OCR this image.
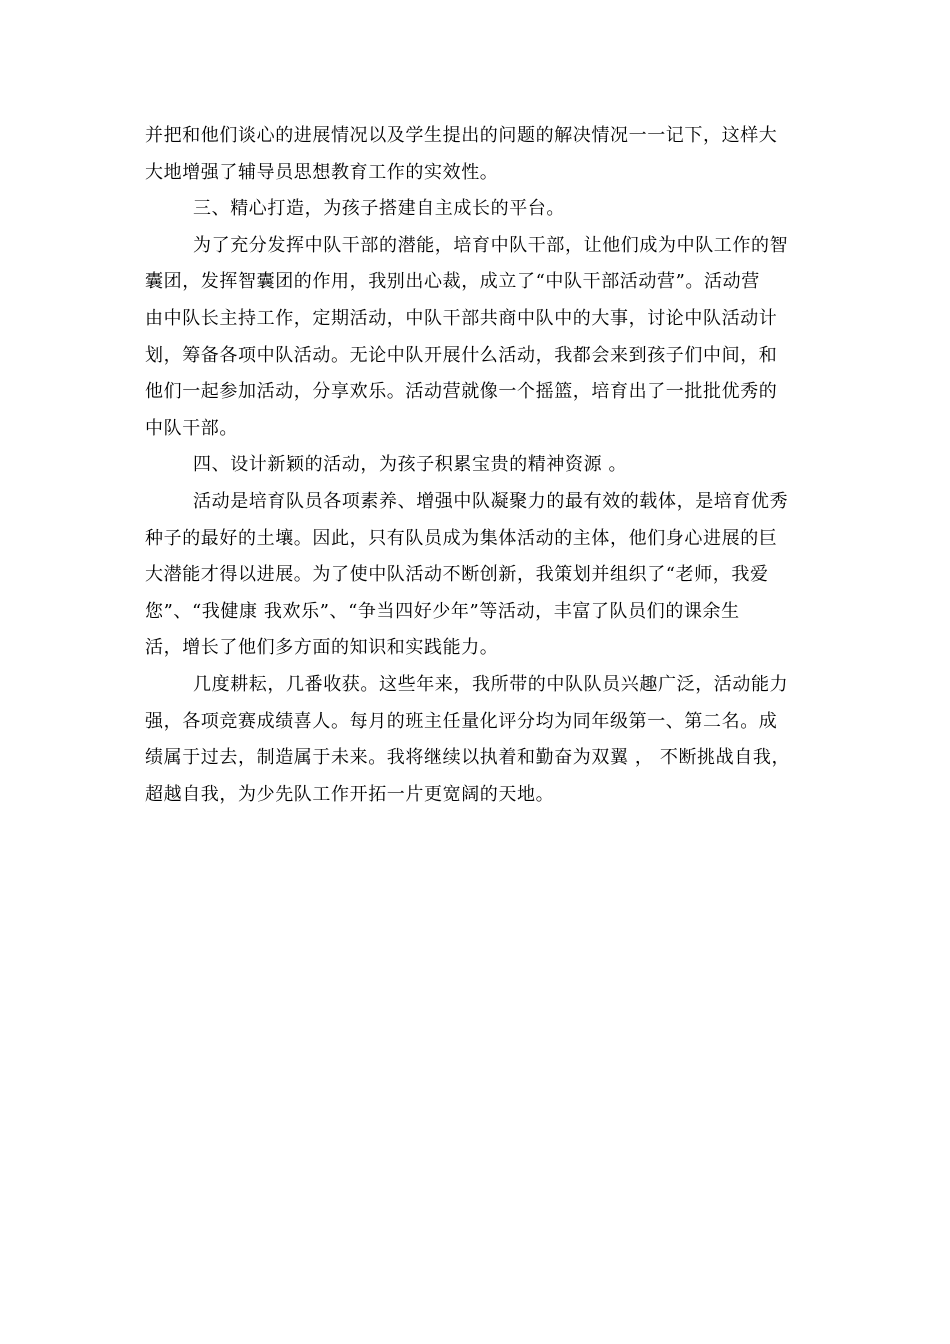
并把和他们谈心的进展情况以及学生提出的问题的解决情况一一记下，这样大
大地增强了辅导员思想教育工作的实效性。
三、精心打造，为孩子搭建自主成长的平台。
为了充分发挥中队干部的潜能，培育中队干部，让他们成为中队工作的智
囊团，发挥智囊团的作用，我别出心裁，成立了“中队干部活动营”。活动营
由中队长主持工作，定期活动，中队干部共商中队中的大事，讨论中队活动计
划，筹备各项中队活动。无论中队开展什么活动，我都会来到孩子们中间，和
他们一起参加活动，分享欢乐。活动营就像一个摇篮，培育出了一批批优秀的
中队干部。
四、设计新颖的活动，为孩子积累宝贵的精神资源 。
活动是培育队员各项素养、增强中队凝聚力的最有效的载体，是培育优秀
种子的最好的土壤。因此，只有队员成为集体活动的主体，他们身心进展的巨
大潜能才得以进展。为了使中队活动不断创新，我策划并组织了“老师，我爱
您”、“我健康 我欢乐”、“争当四好少年”等活动，丰富了队员们的课余生
活，增长了他们多方面的知识和实践能力。
几度耕耘，几番收获。这些年来，我所带的中队队员兴趣广泛，活动能力
强，各项竞赛成绩喜人。每月的班主任量化评分均为同年级第一、第二名。成
绩属于过去，制造属于未来。我将继续以执着和勤奋为双翼 ， 不断挑战自我，
超越自我，为少先队工作开拓一片更宽阔的天地。
